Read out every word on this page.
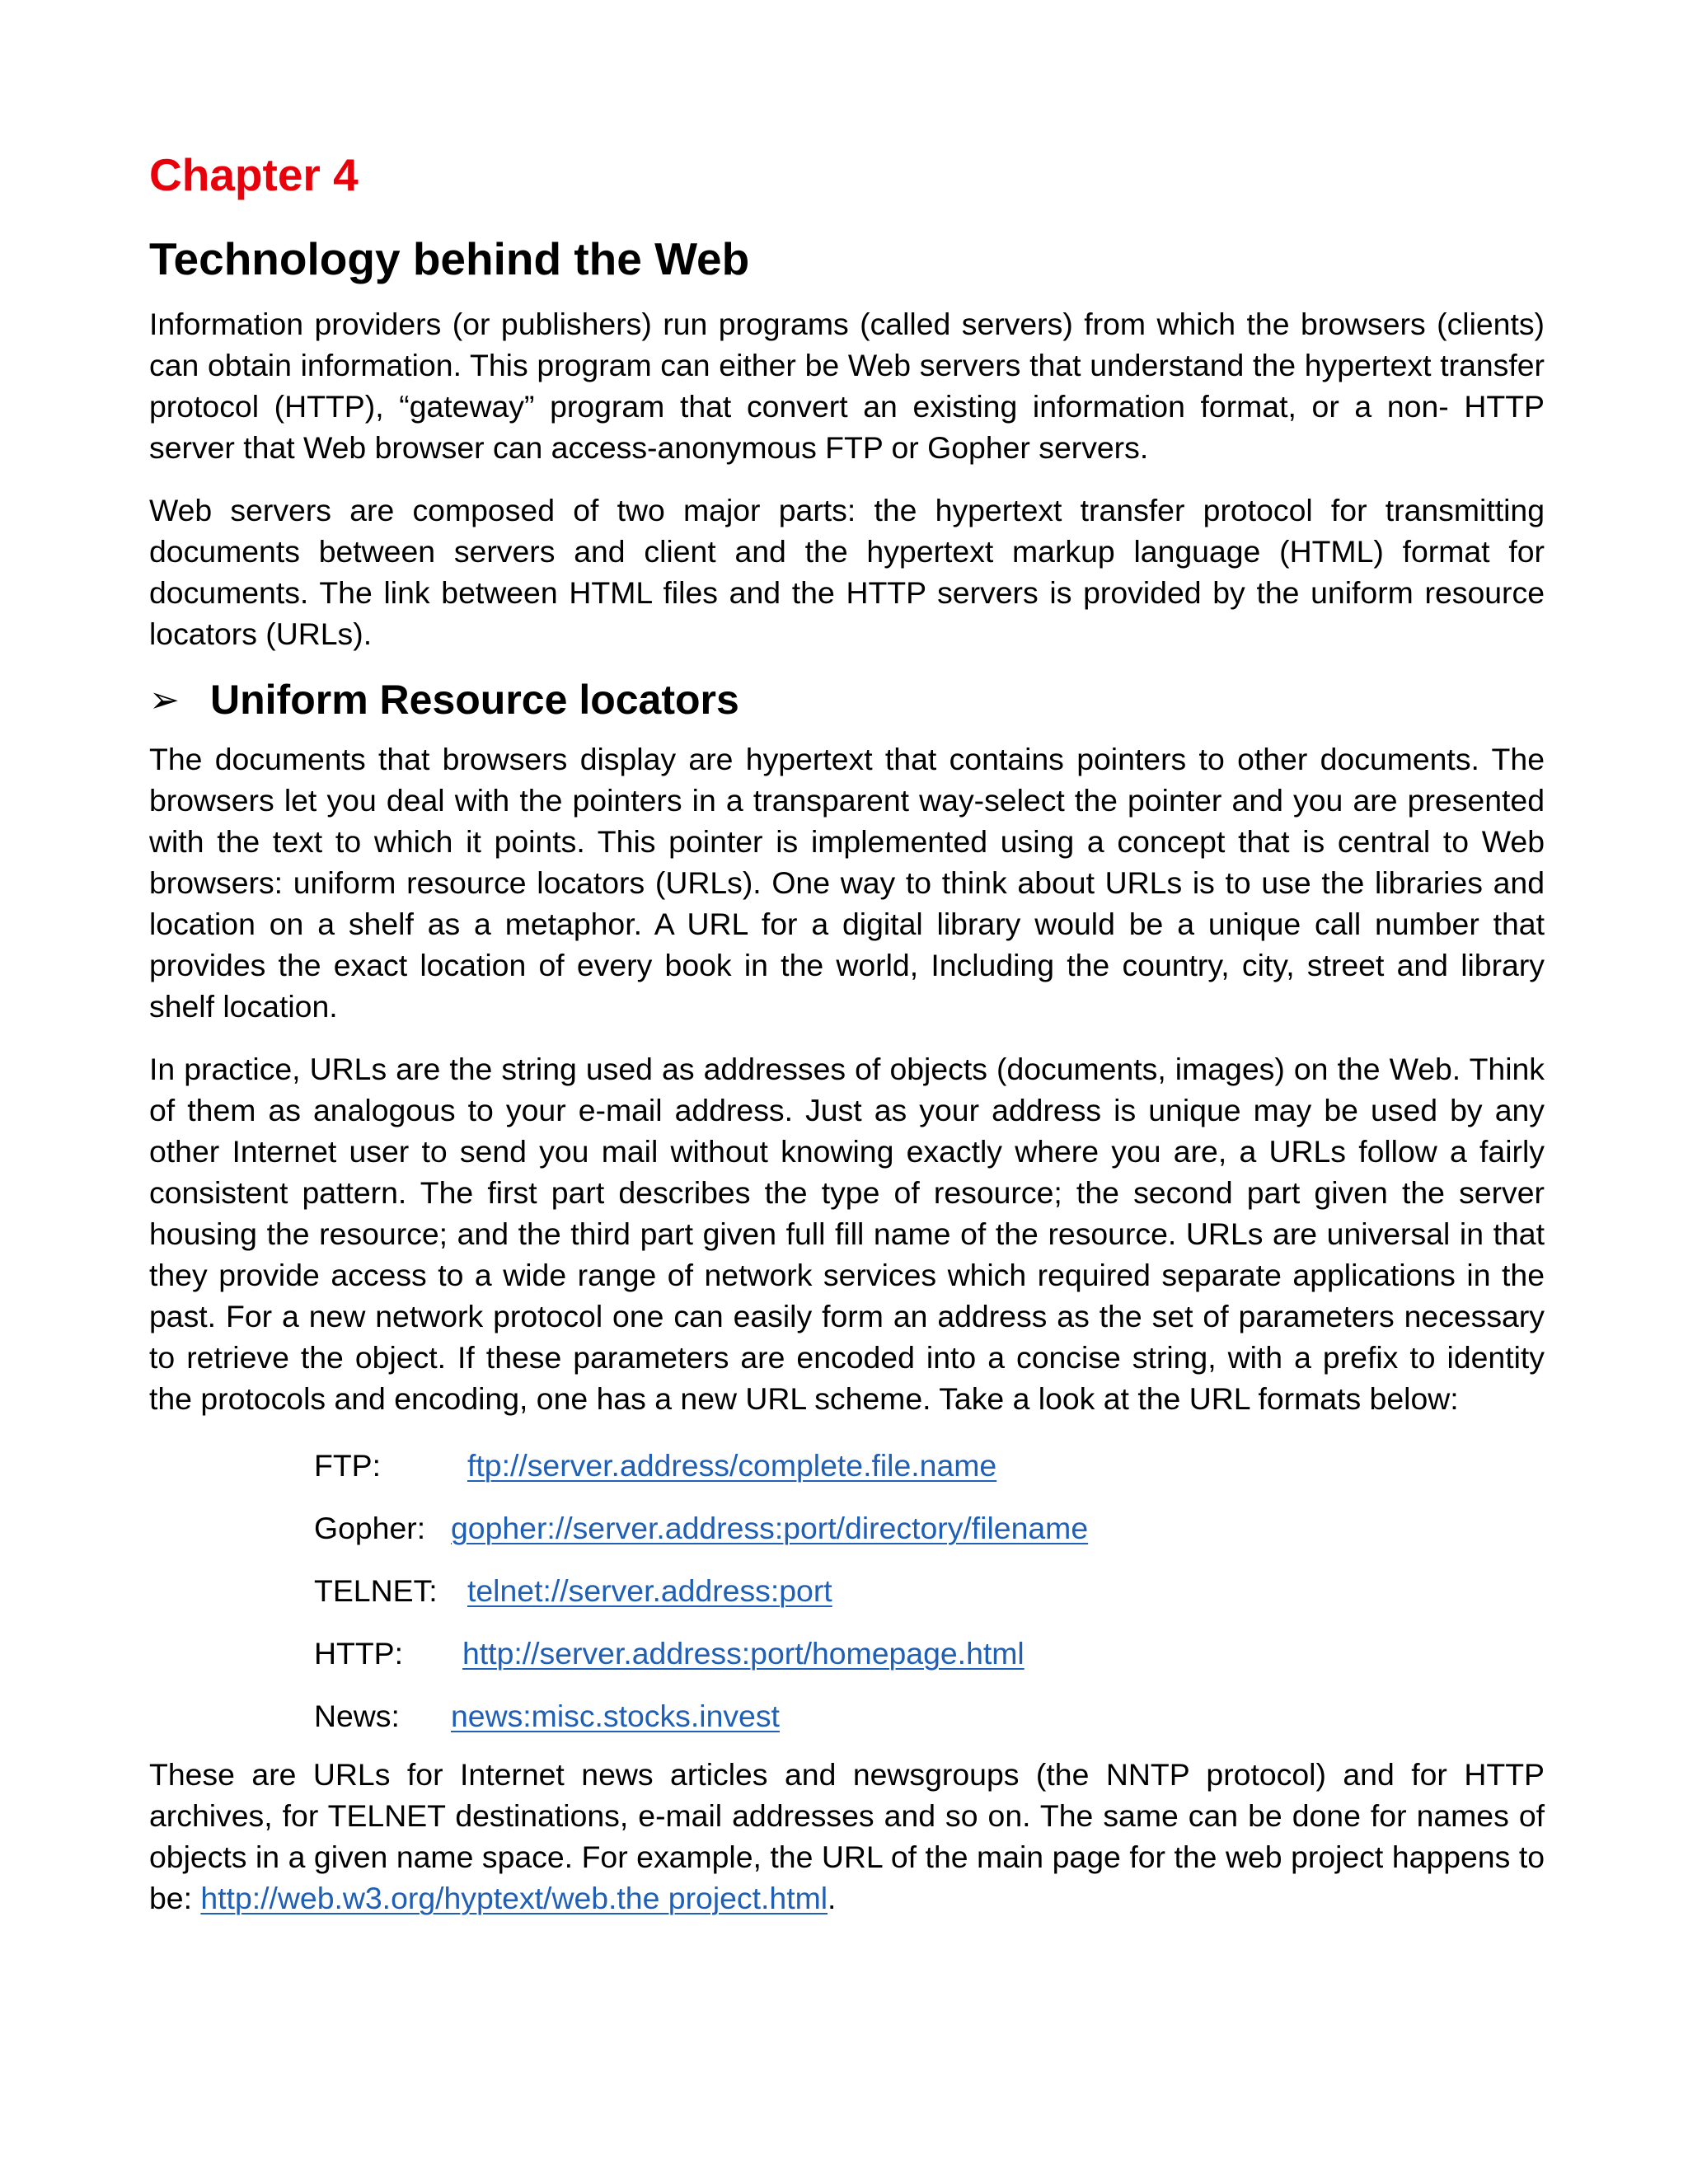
Chapter 4
Technology behind the Web

Information providers (or publishers) run programs (called servers) from which the browsers (clients) can obtain information. This program can either be Web servers that understand the hypertext transfer protocol (HTTP), “gateway” program that convert an existing information format, or a non- HTTP server that Web browser can access-anonymous FTP or Gopher servers.

Web servers are composed of two major parts: the hypertext transfer protocol for transmitting documents between servers and client and the hypertext markup language (HTML) format for documents. The link between HTML files and the HTTP servers is provided by the uniform resource locators (URLs).

➢ Uniform Resource locators

The documents that browsers display are hypertext that contains pointers to other documents. The browsers let you deal with the pointers in a transparent way-select the pointer and you are presented with the text to which it points. This pointer is implemented using a concept that is central to Web browsers: uniform resource locators (URLs). One way to think about URLs is to use the libraries and location on a shelf as a metaphor. A URL for a digital library would be a unique call number that provides the exact location of every book in the world, Including the country, city, street and library shelf location.

In practice, URLs are the string used as addresses of objects (documents, images) on the Web. Think of them as analogous to your e-mail address. Just as your address is unique may be used by any other Internet user to send you mail without knowing exactly where you are, a URLs follow a fairly consistent pattern. The first part describes the type of resource; the second part given the server housing the resource; and the third part given full fill name of the resource. URLs are universal in that they provide access to a wide range of network services which required separate applications in the past. For a new network protocol one can easily form an address as the set of parameters necessary to retrieve the object. If these parameters are encoded into a concise string, with a prefix to identity the protocols and encoding, one has a new URL scheme. Take a look at the URL formats below:

FTP:	ftp://server.address/complete.file.name
Gopher: gopher://server.address:port/directory/filename
TELNET: telnet://server.address:port
HTTP:	http://server.address:port/homepage.html
News:	news:misc.stocks.invest

These are URLs for Internet news articles and newsgroups (the NNTP protocol) and for HTTP archives, for TELNET destinations, e-mail addresses and so on. The same can be done for names of objects in a given name space. For example, the URL of the main page for the web project happens to be: http://web.w3.org/hyptext/web.the project.html.
